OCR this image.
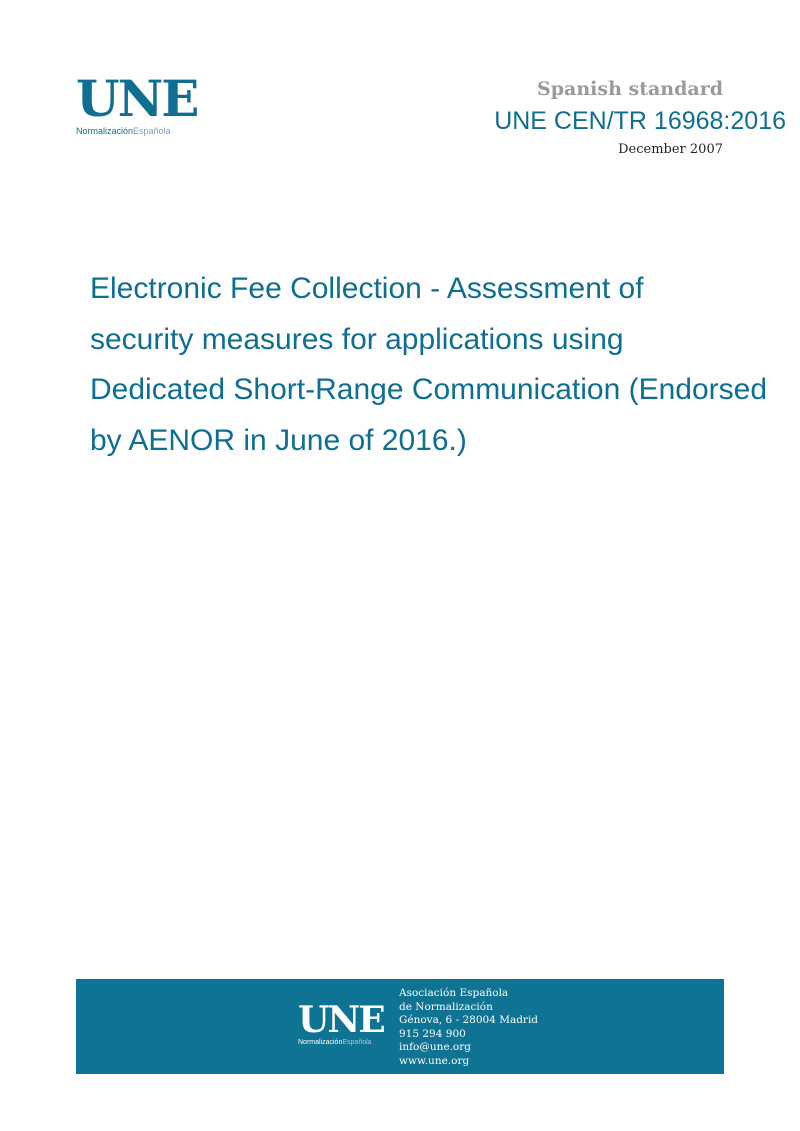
UNE
NormalizaciónEspañola
Spanish standard
UNE CEN/TR 16968:2016
December 2007
Electronic Fee Collection - Assessment of
security measures for applications using
Dedicated Short-Range Communication (Endorsed
by AENOR in June of 2016.)
UNE
NormalizaciónEspañola
Asociación Española
de Normalización
Génova, 6 - 28004 Madrid
915 294 900
info@une.org
www.une.org
